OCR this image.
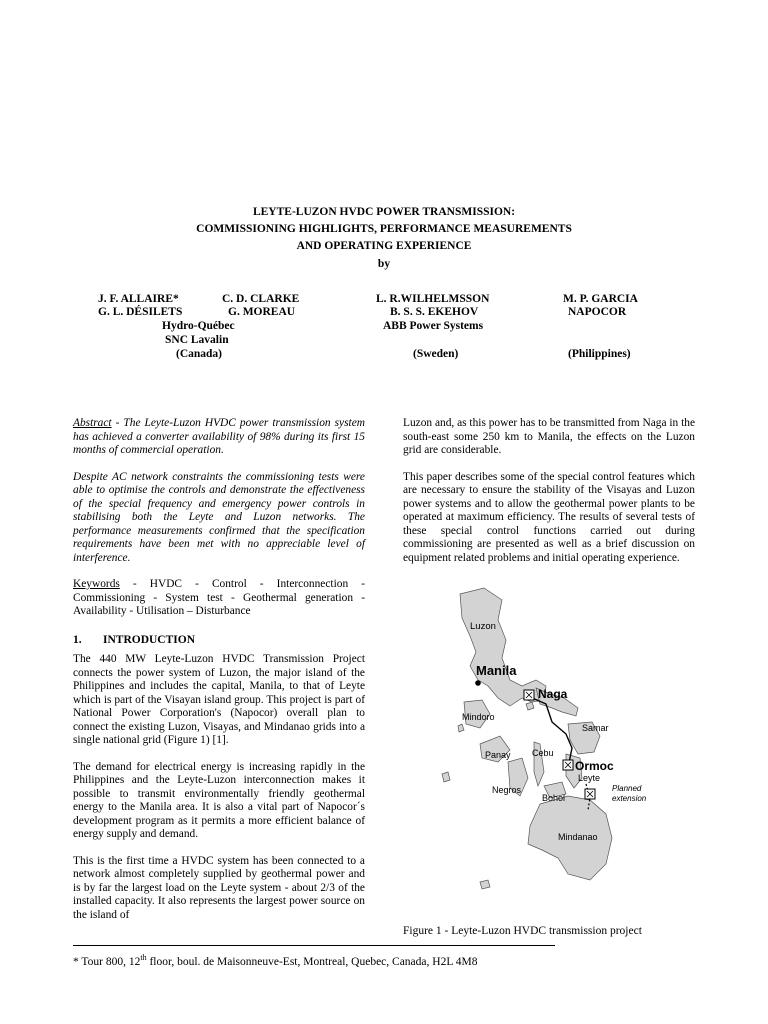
LEYTE-LUZON HVDC POWER TRANSMISSION:
COMMISSIONING HIGHLIGHTS, PERFORMANCE MEASUREMENTS
AND OPERATING EXPERIENCE
by
J. F. ALLAIRE*
G. L. DÉSILETS
C. D. CLARKE
G. MOREAU
Hydro-Québec
SNC Lavalin
(Canada)
L. R.WILHELMSSON
B. S. S. EKEHOV
ABB Power Systems
(Sweden)
M. P. GARCIA
NAPOCOR
(Philippines)

Abstract - The Leyte-Luzon HVDC power transmission system has achieved a converter availability of 98% during its first 15 months of commercial operation.

Despite AC network constraints the commissioning tests were able to optimise the controls and demonstrate the effectiveness of the special frequency and emergency power controls in stabilising both the Leyte and Luzon networks. The performance measurements confirmed that the specification requirements have been met with no appreciable level of interference.

Keywords - HVDC - Control - Interconnection - Commissioning - System test - Geothermal generation - Availability - Utilisation – Disturbance

1. INTRODUCTION

The 440 MW Leyte-Luzon HVDC Transmission Project connects the power system of Luzon, the major island of the Philippines and includes the capital, Manila, to that of Leyte which is part of the Visayan island group. This project is part of National Power Corporation's (Napocor) overall plan to connect the existing Luzon, Visayas, and Mindanao grids into a single national grid (Figure 1) [1].

The demand for electrical energy is increasing rapidly in the Philippines and the Leyte-Luzon interconnection makes it possible to transmit environmentally friendly geothermal energy to the Manila area. It is also a vital part of Napocor´s development program as it permits a more efficient balance of energy supply and demand.

This is the first time a HVDC system has been connected to a network almost completely supplied by geothermal power and is by far the largest load on the Leyte system - about 2/3 of the installed capacity. It also represents the largest power source on the island of

Luzon and, as this power has to be transmitted from Naga in the south-east some 250 km to Manila, the effects on the Luzon grid are considerable.

This paper describes some of the special control features which are necessary to ensure the stability of the Visayas and Luzon power systems and to allow the geothermal power plants to be operated at maximum efficiency. The results of several tests of these special control functions carried out during commissioning are presented as well as a brief discussion on equipment related problems and initial operating experience.

Luzon
Manila
Naga
Mindoro
Samar
Panay Cebu
Ormoc
Leyte
Planned
extension
Negros
Bohol
Mindanao
Figure 1 - Leyte-Luzon HVDC transmission project
* Tour 800, 12th floor, boul. de Maisonneuve-Est, Montreal, Quebec, Canada, H2L 4M8
